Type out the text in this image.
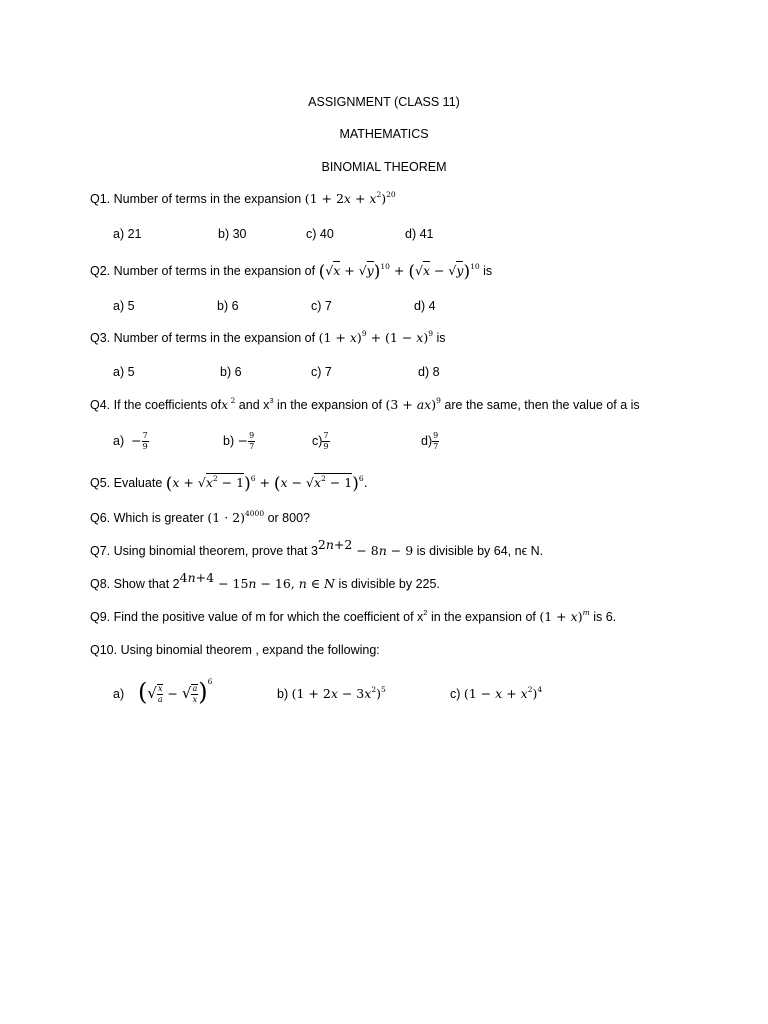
ASSIGNMENT (CLASS 11)
MATHEMATICS
BINOMIAL THEOREM
Q1. Number of terms in the expansion $(1 + 2x + x^2)^{20}$
a) 21	b) 30	c) 40	d) 41
Q2. Number of terms in the expansion of $(√x + √y)^{10} + (√x - √y)^{10}$ is
a) 5	b) 6	c) 7	d) 4
Q3. Number of terms in the expansion of $(1 + x)^9 + (1 - x)^9$ is
a) 5	b) 6	c) 7	d) 8
Q4. If the coefficients ofx $^2$ and $x^3$ in the expansion of (3 + ax)$^9$ are the same, then the value of a is
$a) - \frac{7}{9}$	$b) - \frac{9}{7}$	$c) \frac{7}{9}$	$d) \frac{9}{7}$
Q5. Evaluate $(x + √x^2 - 1)^6 + (x - √x^2 - 1)^6$.
Q6. Which is greater $(1 \cdot 2)^{4000}$ or 800?
Q7. Using binomial theorem, prove that $3^{2n+2} - 8n - 9$ is divisible by 64, nϵ N.
Q8. Show that $2^{4n+4} - 15n - 16$, n ∈ N is divisible by 225.
Q9. Find the positive value of m for which the coefficient of $x^2$ in the expansion of $(1 + x)^m$ is 6.
Q10. Using binomial theorem , expand the following:
a) (√ $\frac{x}{a}$ − √ $\frac{a}{x} )^6$
b) $(1 + 2x - 3x^2)^5$	c) $(1 - x + x^2)^4$
